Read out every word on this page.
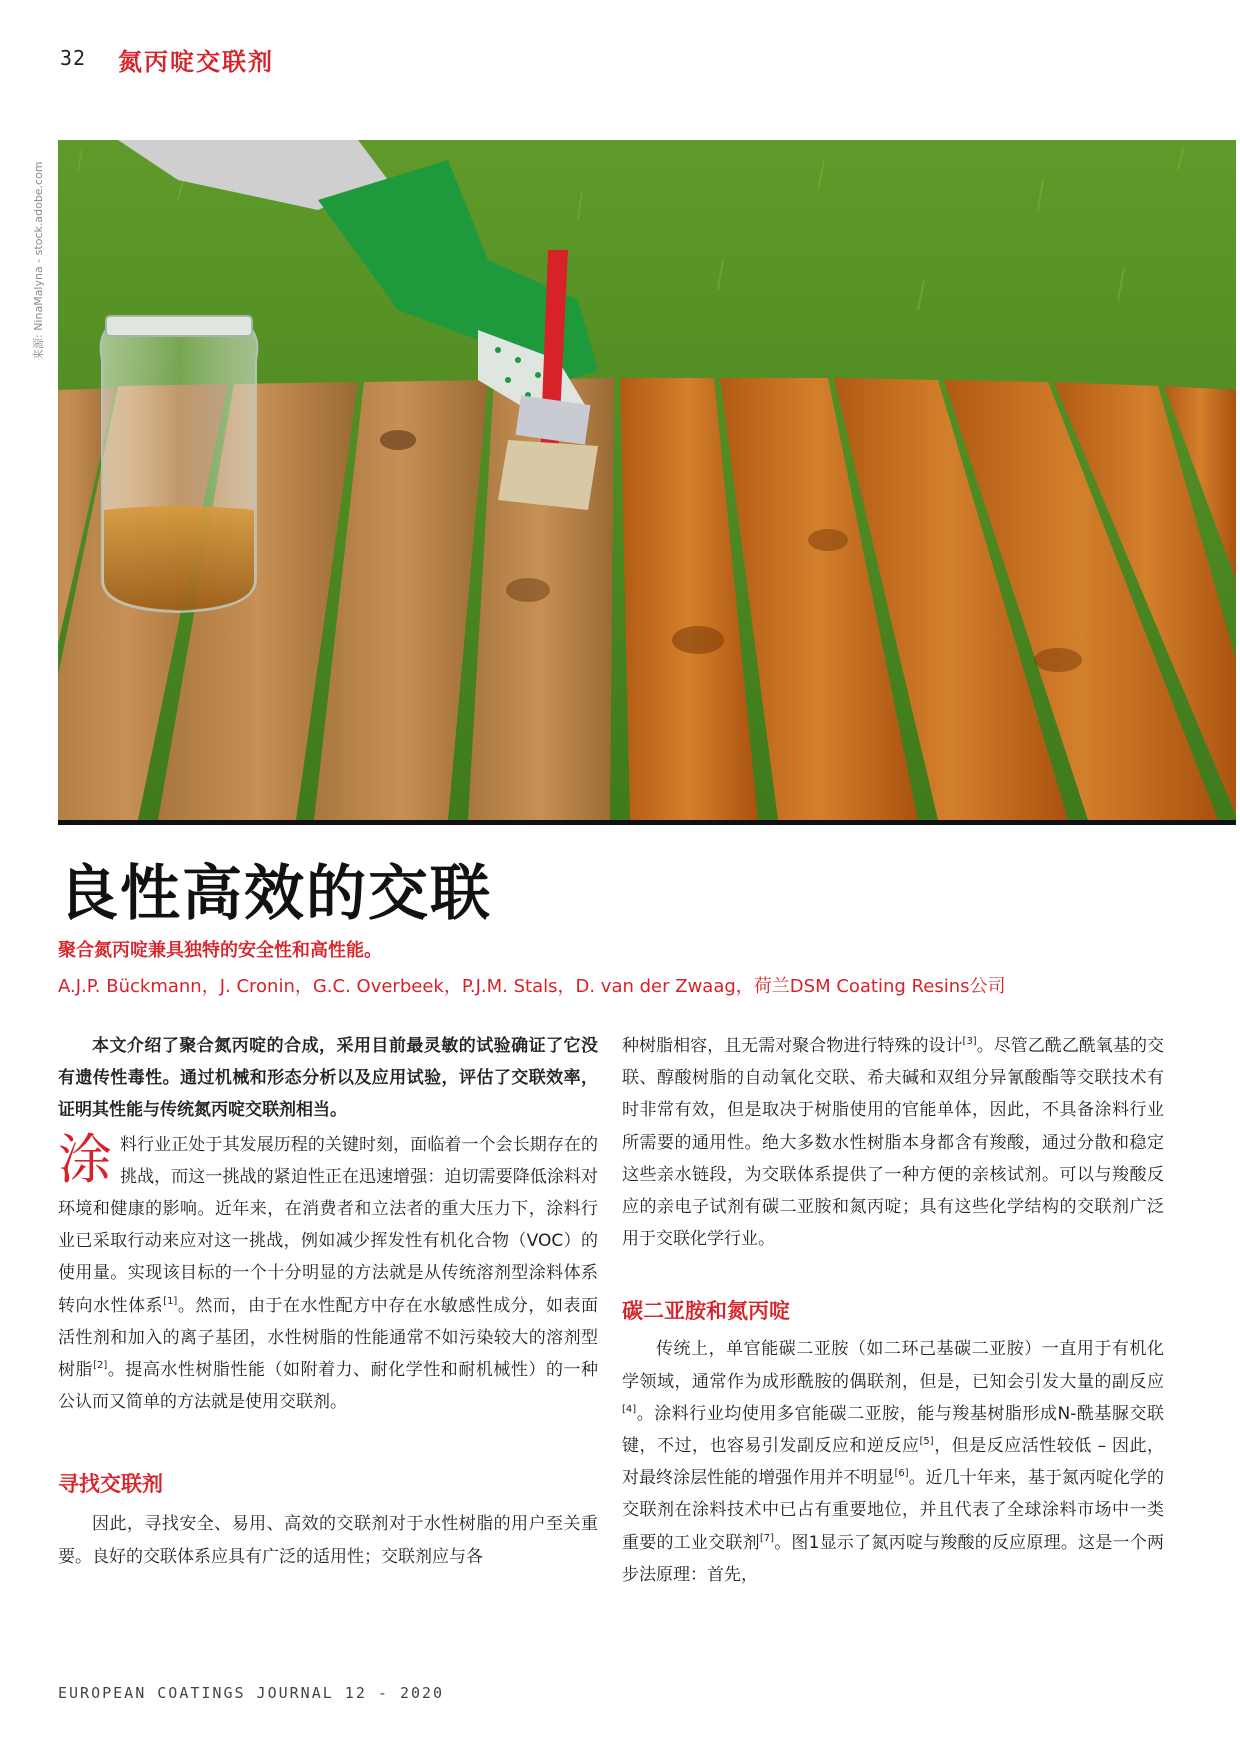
32 氮丙啶交联剂
来源: NinaMalyna - stock.adobe.com
良性高效的交联
聚合氮丙啶兼具独特的安全性和高性能。
A.J.P. Bückmann，J. Cronin，G.C. Overbeek，P.J.M. Stals，D. van der Zwaag，荷兰DSM Coating Resins公司

本文介绍了聚合氮丙啶的合成，采用目前最灵敏的试验确证了它没有遗传性毒性。通过机械和形态分析以及应用试验，评估了交联效率，证明其性能与传统氮丙啶交联剂相当。

涂料行业正处于其发展历程的关键时刻，面临着一个会长期存在的挑战，而这一挑战的紧迫性正在迅速增强：迫切需要降低涂料对环境和健康的影响。近年来，在消费者和立法者的重大压力下，涂料行业已采取行动来应对这一挑战，例如减少挥发性有机化合物（VOC）的使用量。实现该目标的一个十分明显的方法就是从传统溶剂型涂料体系转向水性体系[1]。然而，由于在水性配方中存在水敏感性成分，如表面活性剂和加入的离子基团，水性树脂的性能通常不如污染较大的溶剂型树脂[2]。提高水性树脂性能（如附着力、耐化学性和耐机械性）的一种公认而又简单的方法就是使用交联剂。

寻找交联剂

因此，寻找安全、易用、高效的交联剂对于水性树脂的用户至关重要。良好的交联体系应具有广泛的适用性；交联剂应与各

种树脂相容，且无需对聚合物进行特殊的设计[3]。尽管乙酰乙酰氧基的交联、醇酸树脂的自动氧化交联、希夫碱和双组分异氰酸酯等交联技术有时非常有效，但是取决于树脂使用的官能单体，因此，不具备涂料行业所需要的通用性。绝大多数水性树脂本身都含有羧酸，通过分散和稳定这些亲水链段，为交联体系提供了一种方便的亲核试剂。可以与羧酸反应的亲电子试剂有碳二亚胺和氮丙啶；具有这些化学结构的交联剂广泛用于交联化学行业。

碳二亚胺和氮丙啶

传统上，单官能碳二亚胺（如二环己基碳二亚胺）一直用于有机化学领域，通常作为成形酰胺的偶联剂，但是，已知会引发大量的副反应[4]。涂料行业均使用多官能碳二亚胺，能与羧基树脂形成N-酰基脲交联键，不过，也容易引发副反应和逆反应[5]，但是反应活性较低 – 因此，对最终涂层性能的增强作用并不明显[6]。近几十年来，基于氮丙啶化学的交联剂在涂料技术中已占有重要地位，并且代表了全球涂料市场中一类重要的工业交联剂[7]。图1显示了氮丙啶与羧酸的反应原理。这是一个两步法原理：首先，

EUROPEAN COATINGS JOURNAL 12 - 2020
